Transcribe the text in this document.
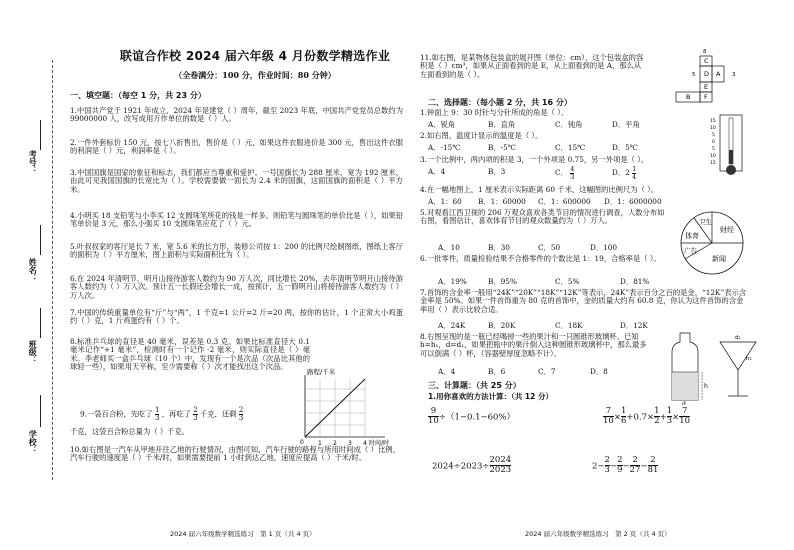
考号：
姓名：
班级：
学校：
联谊合作校 2024 届六年级 4 月份数学精选作业
（全卷满分：100 分，作业时间：80 分钟）
一、填空题：（每空 1 分，共 23 分）
1.中国共产党于 1921 年成立，2024 年是建党（ ）周年，截至 2023 年底，中国共产党党员总数约为 99000000 人，改写成用万作单位的数是（ ）人。
2.一件外套标价 150 元，按七八折售出，售价是（ ）元，如果这件衣服进价是 300 元，售出这件衣服的利润是（ ）元，利润率是（ ）。
3.中国国旗是国家的象征和标志，我们都应当尊重和爱护。一号国旗长为 288 厘米，宽为 192 厘米，由此可见我国国旗的长宽比为（ ）。学校需要做一面长为 2.4 米的国旗，这面国旗的面积是（ ）平方米。
4.小明买 18 支铅笔与小李买 12 支圆珠笔所花的钱是一样多。则铅笔与圆珠笔的单价比是（ ），如果铅笔单价是 3 元，那么小强买 10 支圆珠笔应花了（ ）元。
5.叶叔叔家的客厅是长 7 米，宽 5.6 米的长方形，装修公司按 1：200 的比例尺绘制图纸，图纸上客厅的面积为（ ）平方厘米，图上面积与实际面积比为（ ）。
6.在 2024 年清明节，明月山接待游客人数约为 90 万人次，同比增长 20%，去年清明节明月山接待游客人数约为（ ）万人次。预计五一长假还会增长一成，按预计，五一假明月山将接待游客人数约为（ ）万人次。
7.中国的传统重量单位有“斤”与“两”，1 千克=1 公斤=2 斤=20 两，按你的估计，1 个正常大小鸡蛋约（ ）克，1 斤鸡蛋约有（ ）个。
8.标准乒乓球的直径是 40 毫米，误差是 0.3 克。如果比标准直径大 0.1 毫米记作“+1 毫米”，检测时有一个记作 -2 毫米，则实际直径是（ ）毫米。李老师买一盒乒乓球（10 个）中，发现有一个是次品（次品比其他的球轻一些），如果用天平称，至少需要称（ ）次才能找出这个次品。
9.一袋百合粉，先吃了 $\frac{1}{3}$ ，再吃了 $\frac{2}{3}$ 千克，还剩 $\frac{2}{3}$
千克，这袋百合粉总量为（ ）千克。
10.如右图是一汽车从甲地开往乙地的行驶情况，由图可知，汽车行驶的路程与所用时间成（ ）比例，汽车行驶的速度是（ ）千米/时，如果需要提前 1 小时到达乙地，速度应提高（ ）千米/时。
路程/千米
0 1 2 3 4 时间/时
11.如右图，是某物体包装盒的展开图（单位：cm），这个包装盒的容积是（ ）cm³，如果从正面看到的是 E，从上面看到的是 A，那么从左面看到的是（ ）。
C
D A
E
B F
8
5	3
二、选择题：（每小题 2 分，共 16 分）
1.钟面上 9：30 时针与分针所成的角是（ ）。
A．锐角	B．直角	C．钝角	D．平角
2.如右图，温度计显示的温度是（ ）。
A．-15℃	B．-5℃	C．15℃	D．5℃
15
10
5
0
5
10
15
3.一个比例中，两内项的积是 3，一个外项是 0.75，另一外项是（ ）。
A．4	B．3	C． $\frac{4}{3}$	D．$2 \frac{1}{4}$
4.在一幅地图上，1 厘米表示实际距离 60 千米，这幅图的比例尺为（ ）。
A．1：60 B．1：60000 C．1：600000 D．1：6000000
5.对观看江西卫视的 206 万观众喜欢各类节目的情况进行调查，人数分布如右图，看图估计，喜欢体育节目的观众数量约为（ ）万人。
A．10	B．30	C．50	D．100
卫生
财经
体育
广告
新闻
6.一批零件，质量检验结果不合格零件的个数比是 1：19，合格率是（ ）。
A．19%	B．95%	C．5%	D．81%
7.首饰的含金率一般用“24K”“20K”“18K”“12K”等表示，24K”表示百分之百的是金，“12K”表示含金率是 50%。如果一件首饰重为 80 克的首饰中，金的质量大约有 60.8 克，你认为这件首饰的含金率用（ ）表示比较合适。
A．24K	B．20K	C．18K	D．12K
8.右图呈现的是一瓶已经喝掉一些的果汁和一只圆锥形玻璃杯。已知 h=h₁，d=d₁，如果把瓶中的果汁倒入这种圆锥形玻璃杯中，那么最多可以倒满（ ）杯，（容器壁厚度忽略不计）。
A．4	B．6	C．7	D．8
h
d
d₁
h₁
三、计算题：（共 25 分）
1.用你喜欢的方法计算：（共 12 分）
$\frac{9}{10} \div(1-0.1-60\%)$	$\frac{7}{10} \times \frac{1}{6} +0.7\times \frac{1}{2} + \frac{1}{3} \times \frac{7}{10}$
$2024\div 2023\div \frac{2024}{2023}$	$2- \frac{2}{3} - \frac{2}{9} - \frac{2}{27} - \frac{2}{81}$
2024 届六年级数学精选练习　第 1 页（共 4 页）	2024 届六年级数学精选练习　第 2 页（共 4 页）
